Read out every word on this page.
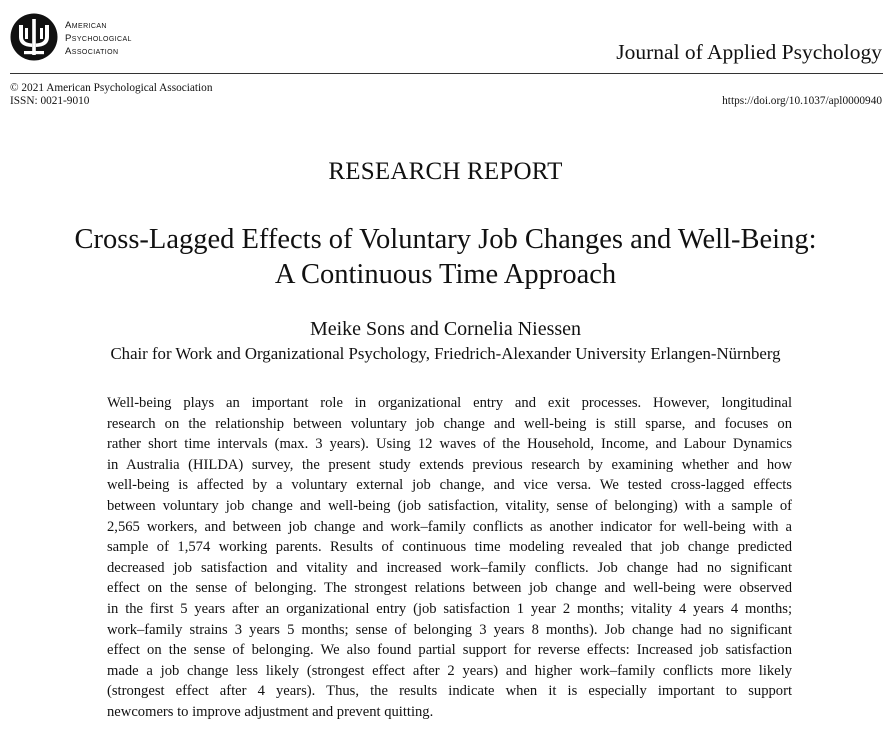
American
Psychological
Association	Journal of Applied Psychology
© 2021 American Psychological Association
ISSN: 0021-9010	https://doi.org/10.1037/apl0000940
RESEARCH REPORT
Cross-Lagged Effects of Voluntary Job Changes and Well-Being:
A Continuous Time Approach
Meike Sons and Cornelia Niessen
Chair for Work and Organizational Psychology, Friedrich-Alexander University Erlangen-Nürnberg
Well-being plays an important role in organizational entry and exit processes. However, longitudinal
research on the relationship between voluntary job change and well-being is still sparse, and focuses on
rather short time intervals (max. 3 years). Using 12 waves of the Household, Income, and Labour Dynamics
in Australia (HILDA) survey, the present study extends previous research by examining whether and how
well-being is affected by a voluntary external job change, and vice versa. We tested cross-lagged effects
between voluntary job change and well-being (job satisfaction, vitality, sense of belonging) with a sample of
2,565 workers, and between job change and work–family conflicts as another indicator for well-being with a
sample of 1,574 working parents. Results of continuous time modeling revealed that job change predicted
decreased job satisfaction and vitality and increased work–family conflicts. Job change had no significant
effect on the sense of belonging. The strongest relations between job change and well-being were observed
in the first 5 years after an organizational entry (job satisfaction 1 year 2 months; vitality 4 years 4 months;
work–family strains 3 years 5 months; sense of belonging 3 years 8 months). Job change had no significant
effect on the sense of belonging. We also found partial support for reverse effects: Increased job satisfaction
made a job change less likely (strongest effect after 2 years) and higher work–family conflicts more likely
(strongest effect after 4 years). Thus, the results indicate when it is especially important to support
newcomers to improve adjustment and prevent quitting.
